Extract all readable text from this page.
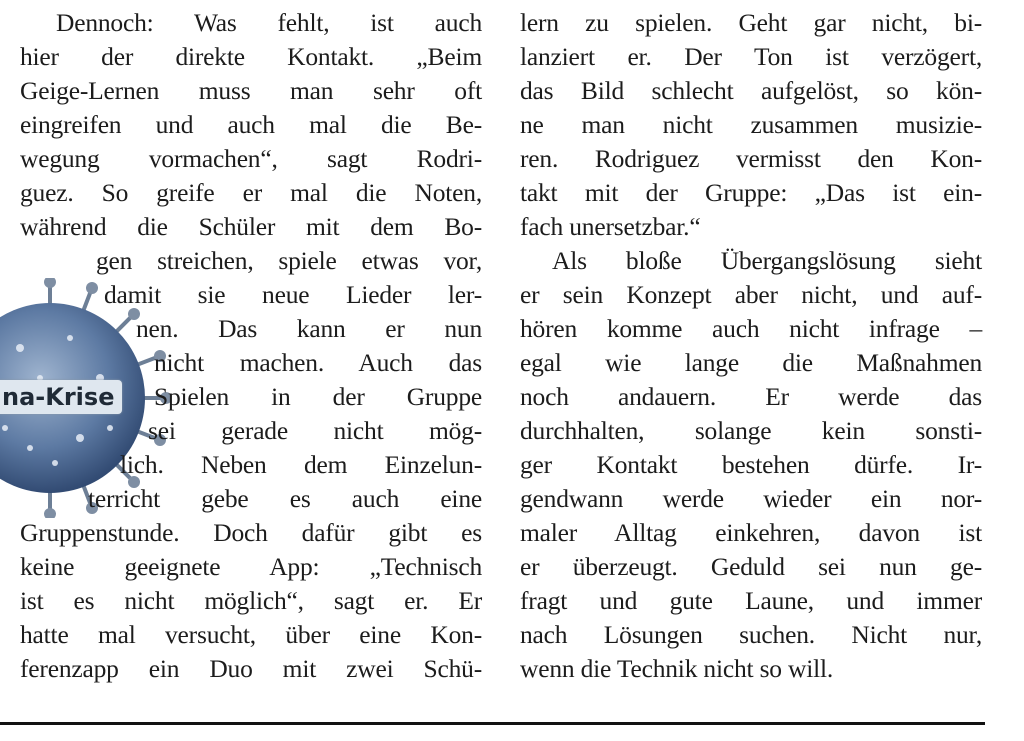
na-Krise
Dennoch: Was fehlt, ist auch
hier der direkte Kontakt. „Beim
Geige-Lernen muss man sehr oft
eingreifen und auch mal die Be-
wegung vormachen“, sagt Rodri-
guez. So greife er mal die Noten,
während die Schüler mit dem Bo-
gen streichen, spiele etwas vor,
damit sie neue Lieder ler-
nen. Das kann er nun
nicht machen. Auch das
Spielen in der Gruppe
sei gerade nicht mög-
lich. Neben dem Einzelun-
terricht gebe es auch eine
Gruppenstunde. Doch dafür gibt es
keine geeignete App: „Technisch
ist es nicht möglich“, sagt er. Er
hatte mal versucht, über eine Kon-
ferenzapp ein Duo mit zwei Schü-
lern zu spielen. Geht gar nicht, bi-
lanziert er. Der Ton ist verzögert,
das Bild schlecht aufgelöst, so kön-
ne man nicht zusammen musizie-
ren. Rodriguez vermisst den Kon-
takt mit der Gruppe: „Das ist ein-
fach unersetzbar.“
Als bloße Übergangslösung sieht
er sein Konzept aber nicht, und auf-
hören komme auch nicht infrage –
egal wie lange die Maßnahmen
noch andauern. Er werde das
durchhalten, solange kein sonsti-
ger Kontakt bestehen dürfe. Ir-
gendwann werde wieder ein nor-
maler Alltag einkehren, davon ist
er überzeugt. Geduld sei nun ge-
fragt und gute Laune, und immer
nach Lösungen suchen. Nicht nur,
wenn die Technik nicht so will.
